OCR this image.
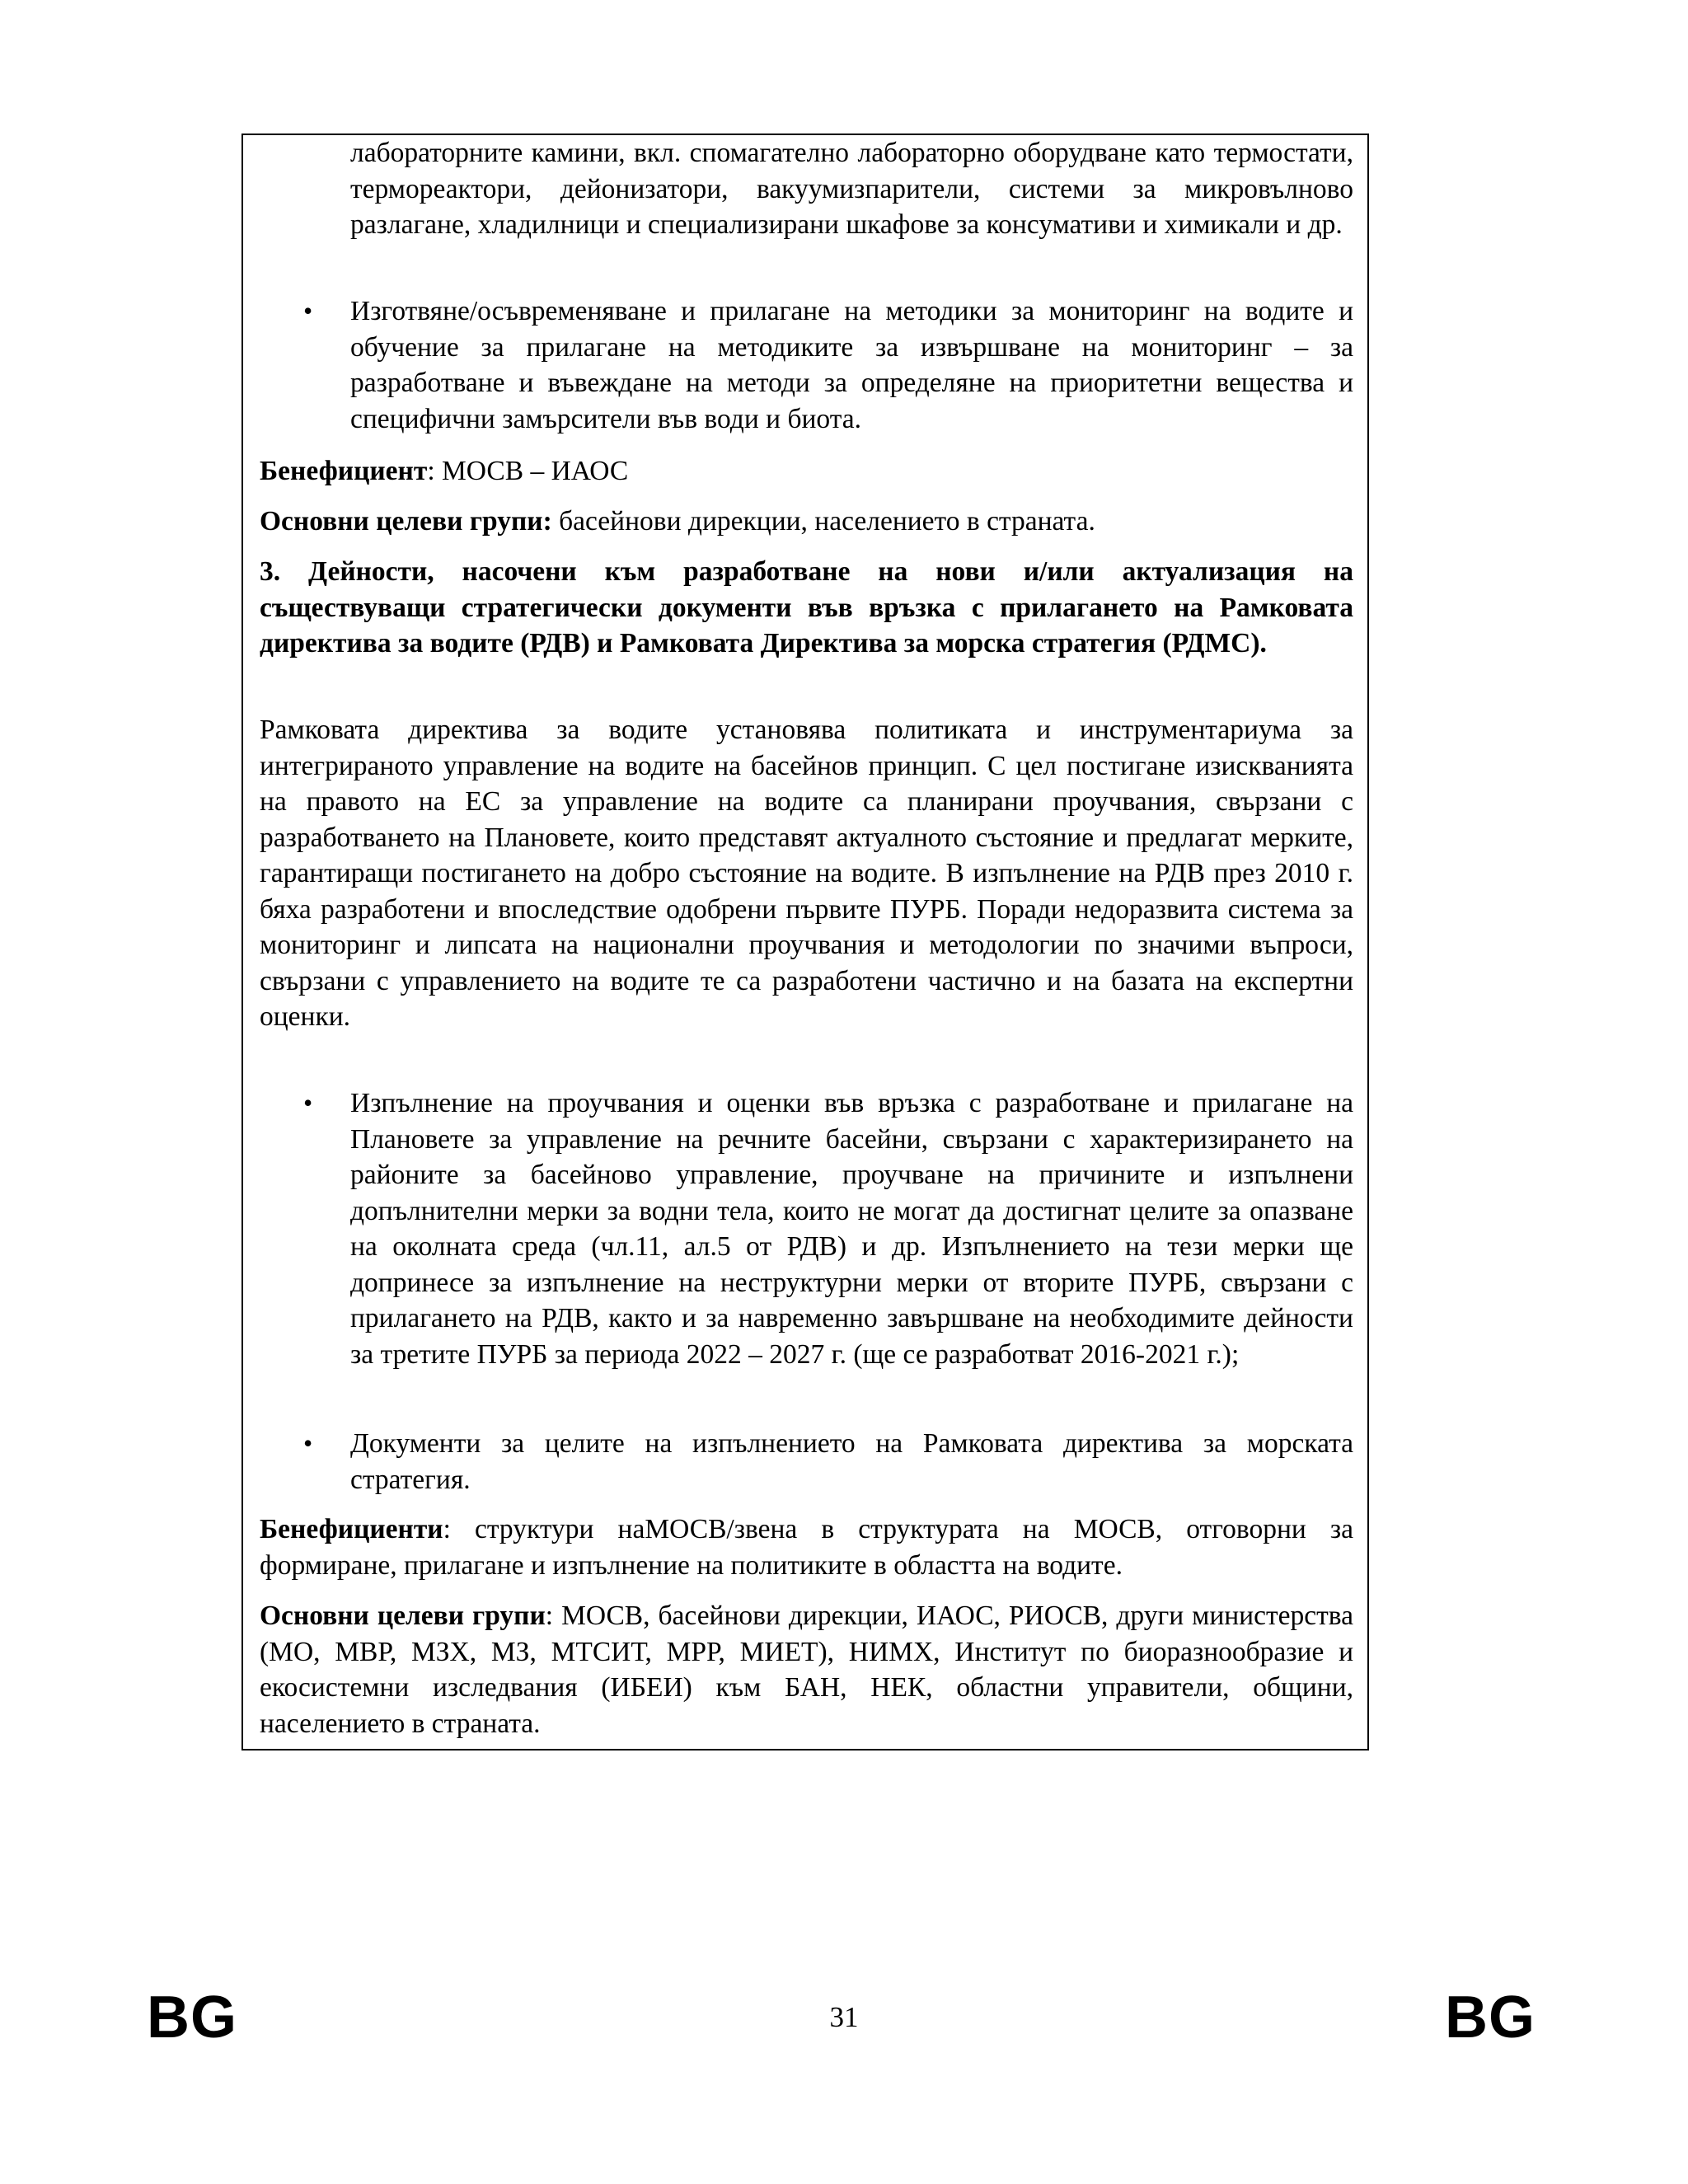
лабораторните камини, вкл. спомагателно лабораторно оборудване като термостати, термореактори, дейонизатори, вакуумизпарители, системи за микровълново разлагане, хладилници и специализирани шкафове за консумативи и химикали и др.

• Изготвяне/осъвременяване и прилагане на методики за мониторинг на водите и обучение за прилагане на методиките за извършване на мониторинг – за разработване и въвеждане на методи за определяне на приоритетни вещества и специфични замърсители във води и биота.

Бенефициент: МОСВ – ИАОС

Основни целеви групи: басейнови дирекции, населението в страната.

3. Дейности, насочени към разработване на нови и/или актуализация на съществуващи стратегически документи във връзка с прилагането на Рамковата директива за водите (РДВ) и Рамковата Директива за морска стратегия (РДМС).

Рамковата директива за водите установява политиката и инструментариума за интегрираното управление на водите на басейнов принцип. С цел постигане изискванията на правото на ЕС за управление на водите са планирани проучвания, свързани с разработването на Плановете, които представят актуалното състояние и предлагат мерките, гарантиращи постигането на добро състояние на водите. В изпълнение на РДВ през 2010 г. бяха разработени и впоследствие одобрени първите ПУРБ. Поради недоразвита система за мониторинг и липсата на национални проучвания и методологии по значими въпроси, свързани с управлението на водите те са разработени частично и на базата на експертни оценки.

• Изпълнение на проучвания и оценки във връзка с разработване и прилагане на Плановете за управление на речните басейни, свързани с характеризирането на районите за басейново управление, проучване на причините и изпълнени допълнителни мерки за водни тела, които не могат да достигнат целите за опазване на околната среда (чл.11, ал.5 от РДВ) и др. Изпълнението на тези мерки ще допринесе за изпълнение на неструктурни мерки от вторите ПУРБ, свързани с прилагането на РДВ, както и за навременно завършване на необходимите дейности за третите ПУРБ за периода 2022 – 2027 г. (ще се разработват 2016-2021 г.);

• Документи за целите на изпълнението на Рамковата директива за морската стратегия.

Бенефициенти: структури наМОСВ/звена в структурата на МОСВ, отговорни за формиране, прилагане и изпълнение на политиките в областта на водите.

Основни целеви групи: МОСВ, басейнови дирекции, ИАОС, РИОСВ, други министерства (МО, МВР, МЗХ, МЗ, МТСИТ, МРР, МИЕТ), НИМХ, Институт по биоразнообразие и екосистемни изследвания (ИБЕИ) към БАН, НЕК, областни управители, общини, населението в страната.

BG	31	BG
